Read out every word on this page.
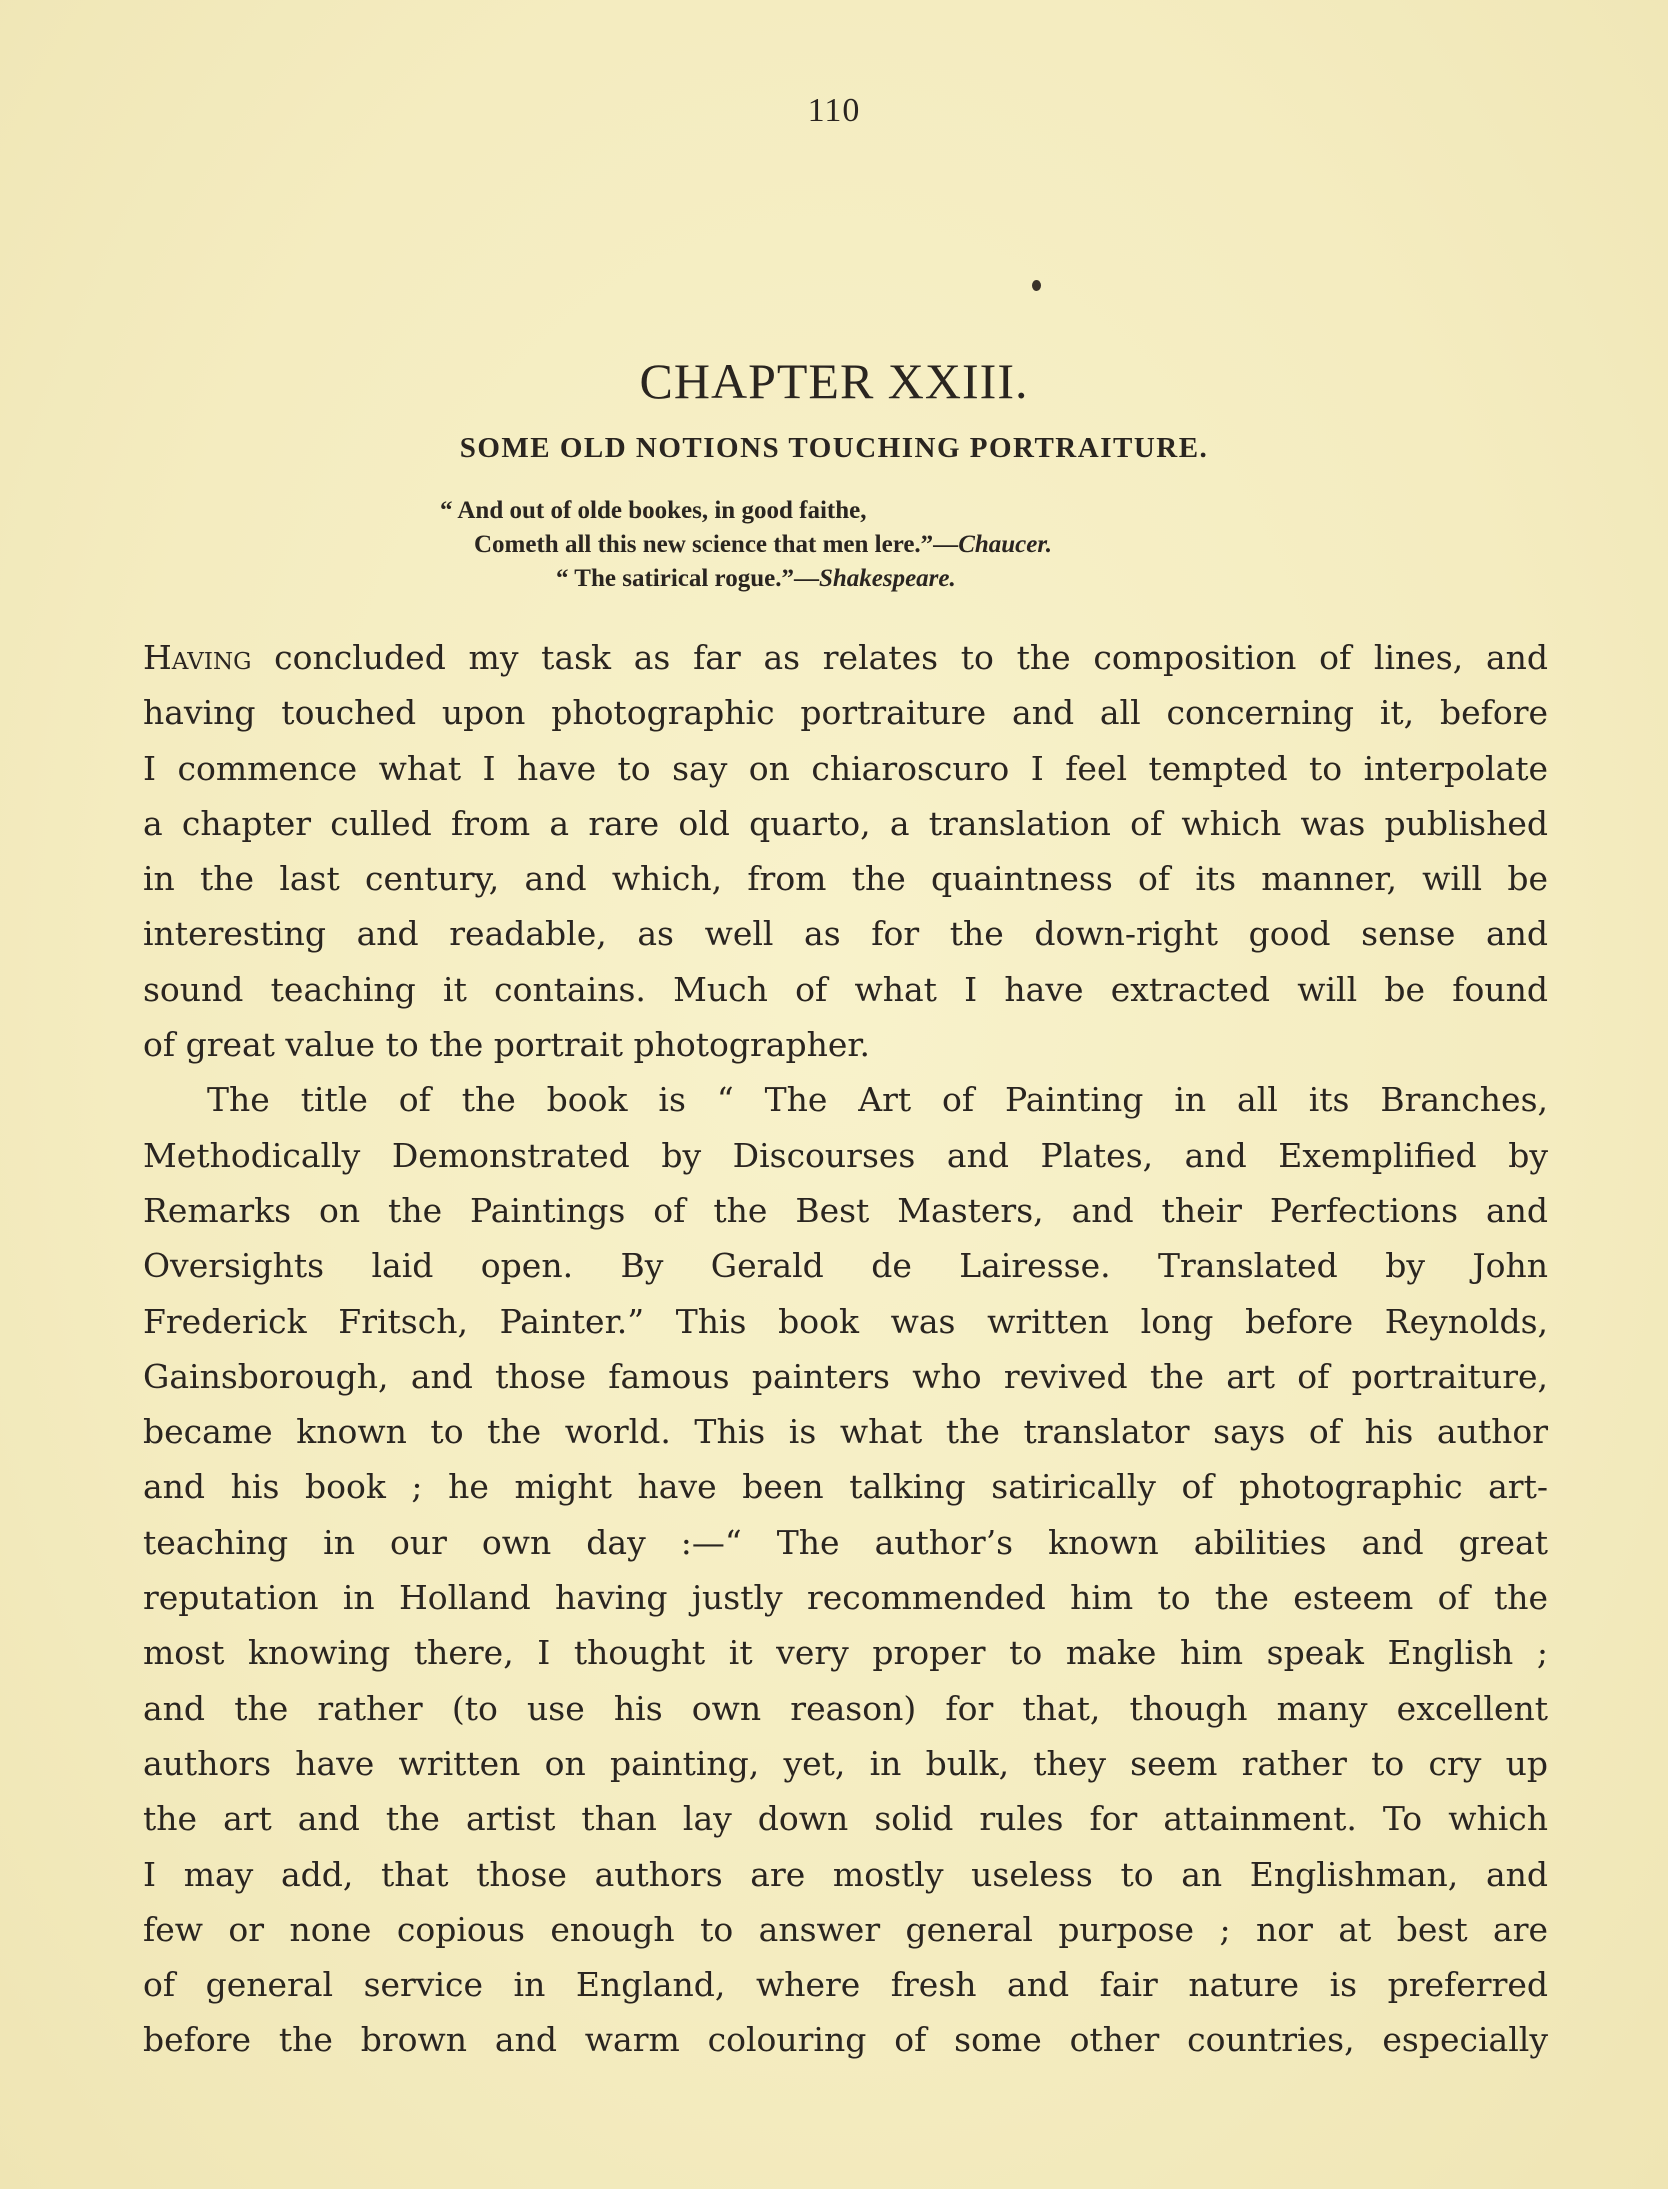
110
CHAPTER XXIII.
SOME OLD NOTIONS TOUCHING PORTRAITURE.
“ And out of olde bookes, in good faithe,
Cometh all this new science that men lere.”—Chaucer.
“ The satirical rogue.”—Shakespeare.
Having concluded my task as far as relates to the composition of lines, and
having touched upon photographic portraiture and all concerning it, before
I commence what I have to say on chiaroscuro I feel tempted to interpolate
a chapter culled from a rare old quarto, a translation of which was published
in the last century, and which, from the quaintness of its manner, will be
interesting and readable, as well as for the down-right good sense and
sound teaching it contains. Much of what I have extracted will be found
of great value to the portrait photographer.
The title of the book is “ The Art of Painting in all its Branches,
Methodically Demonstrated by Discourses and Plates, and Exemplified by
Remarks on the Paintings of the Best Masters, and their Perfections and
Oversights laid open. By Gerald de Lairesse. Translated by John
Frederick Fritsch, Painter.” This book was written long before Reynolds,
Gainsborough, and those famous painters who revived the art of portraiture,
became known to the world. This is what the translator says of his author
and his book ; he might have been talking satirically of photographic art-
teaching in our own day :—“ The author’s known abilities and great
reputation in Holland having justly recommended him to the esteem of the
most knowing there, I thought it very proper to make him speak English ;
and the rather (to use his own reason) for that, though many excellent
authors have written on painting, yet, in bulk, they seem rather to cry up
the art and the artist than lay down solid rules for attainment. To which
I may add, that those authors are mostly useless to an Englishman, and
few or none copious enough to answer general purpose ; nor at best are
of general service in England, where fresh and fair nature is preferred
before the brown and warm colouring of some other countries, especially
